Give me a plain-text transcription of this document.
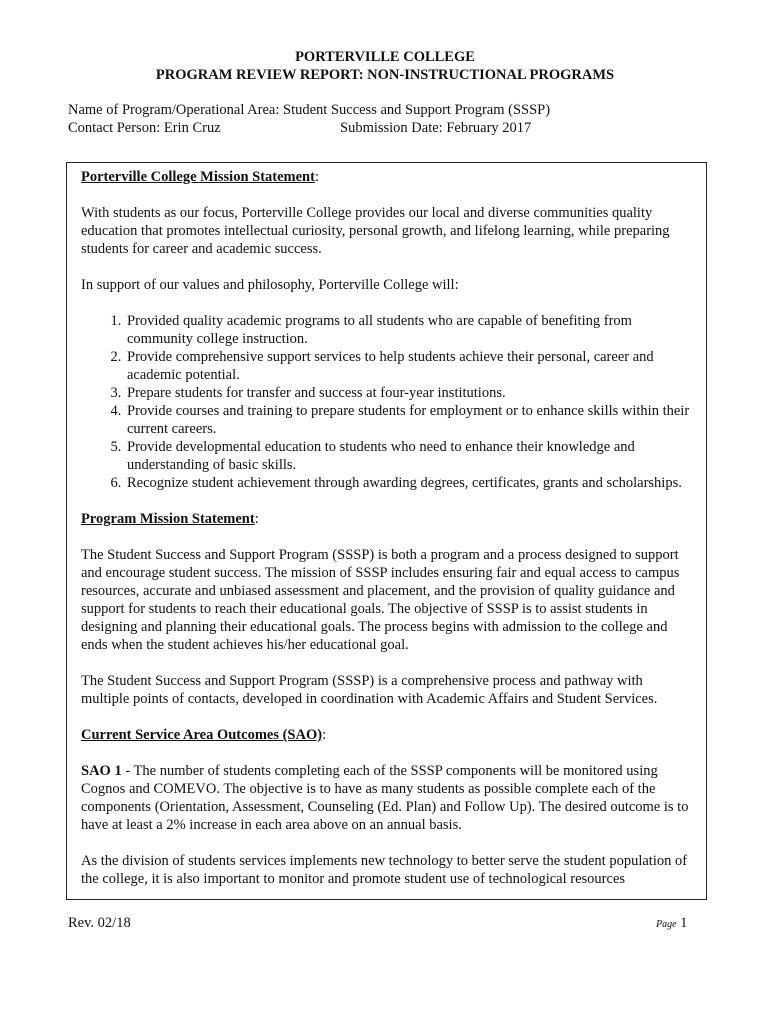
PORTERVILLE COLLEGE
PROGRAM REVIEW REPORT: NON-INSTRUCTIONAL PROGRAMS
Name of Program/Operational Area: Student Success and Support Program (SSSP)
Contact Person: Erin Cruz	Submission Date: February 2017

Porterville College Mission Statement:

With students as our focus, Porterville College provides our local and diverse communities quality education that promotes intellectual curiosity, personal growth, and lifelong learning, while preparing students for career and academic success.

In support of our values and philosophy, Porterville College will:

1. Provided quality academic programs to all students who are capable of benefiting from community college instruction.
2. Provide comprehensive support services to help students achieve their personal, career and academic potential.
3. Prepare students for transfer and success at four-year institutions.
4. Provide courses and training to prepare students for employment or to enhance skills within their current careers.
5. Provide developmental education to students who need to enhance their knowledge and understanding of basic skills.
6. Recognize student achievement through awarding degrees, certificates, grants and scholarships.

Program Mission Statement:

The Student Success and Support Program (SSSP) is both a program and a process designed to support and encourage student success. The mission of SSSP includes ensuring fair and equal access to campus resources, accurate and unbiased assessment and placement, and the provision of quality guidance and support for students to reach their educational goals. The objective of SSSP is to assist students in designing and planning their educational goals. The process begins with admission to the college and ends when the student achieves his/her educational goal.

The Student Success and Support Program (SSSP) is a comprehensive process and pathway with multiple points of contacts, developed in coordination with Academic Affairs and Student Services.

Current Service Area Outcomes (SAO):

SAO 1 - The number of students completing each of the SSSP components will be monitored using Cognos and COMEVO. The objective is to have as many students as possible complete each of the components (Orientation, Assessment, Counseling (Ed. Plan) and Follow Up). The desired outcome is to have at least a 2% increase in each area above on an annual basis.

As the division of students services implements new technology to better serve the student population of the college, it is also important to monitor and promote student use of technological resources

Rev. 02/18	Page 1
